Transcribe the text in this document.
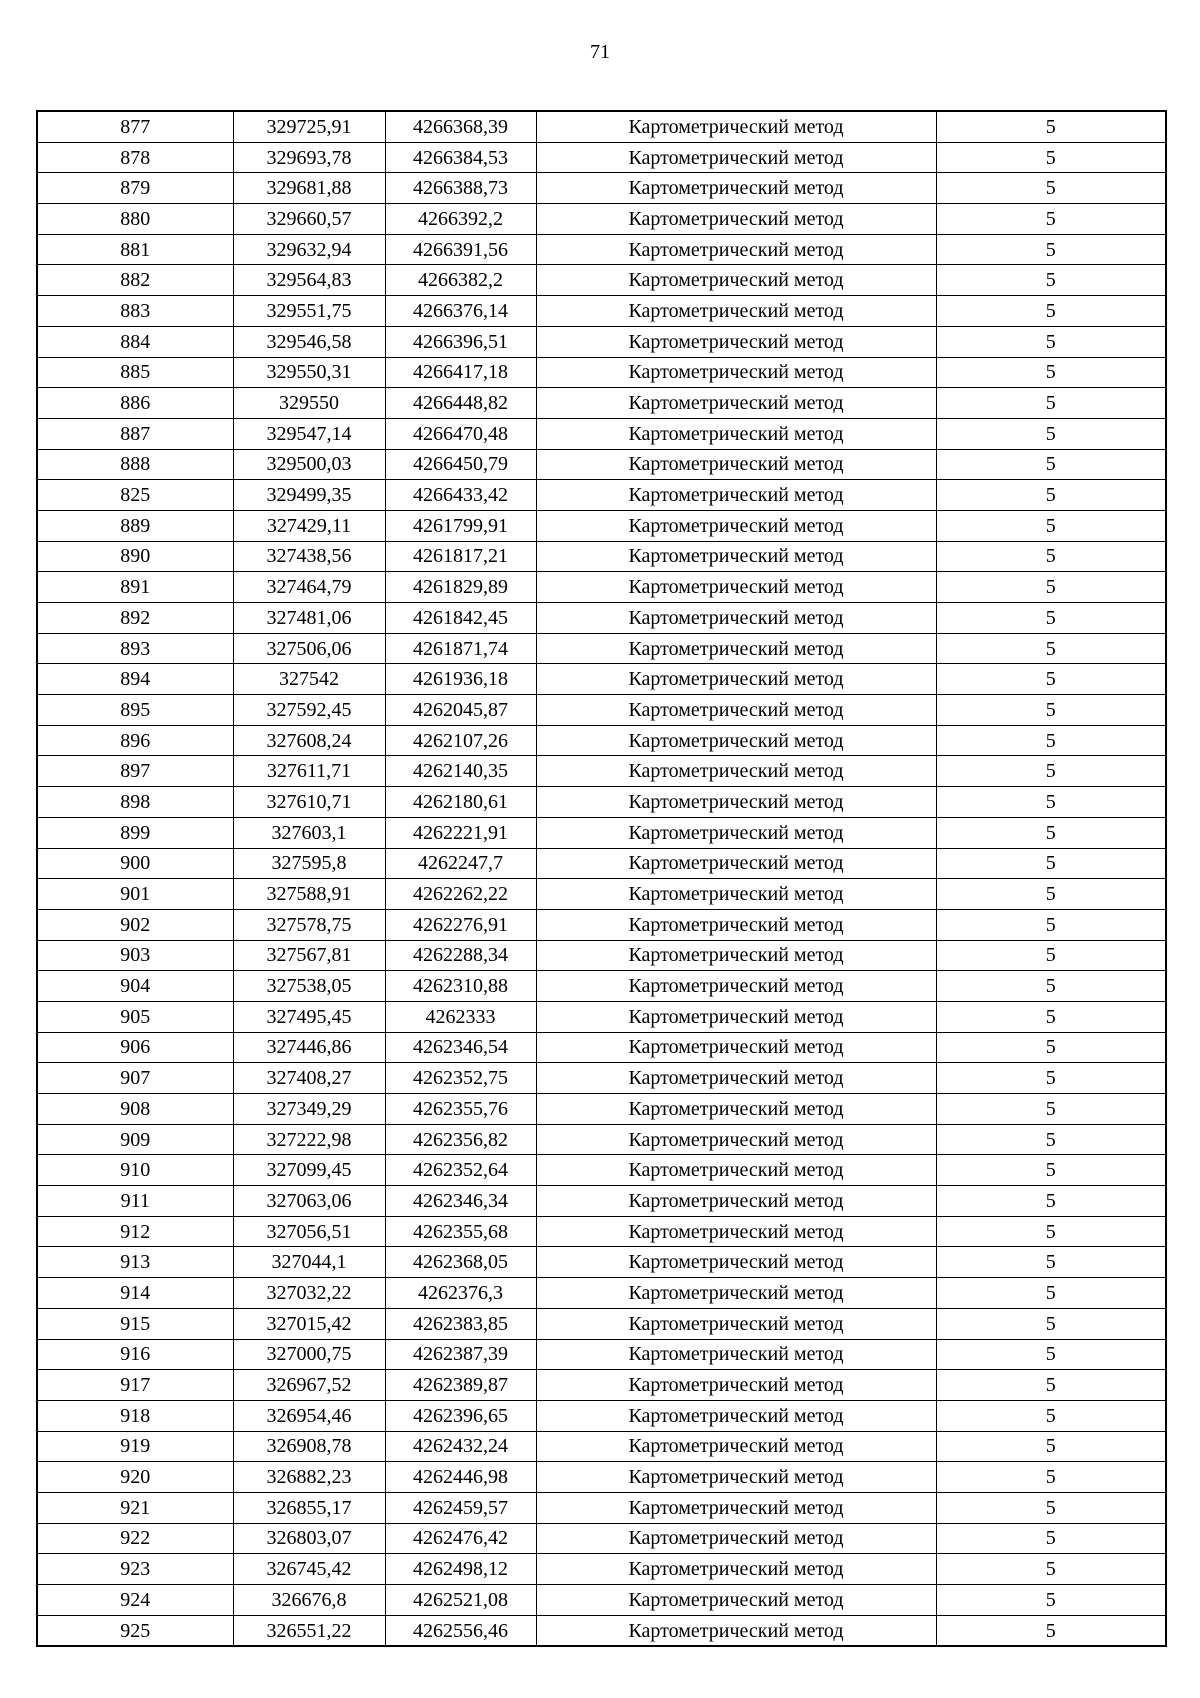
71
877	329725,91	4266368,39	Картометрический метод	5
878	329693,78	4266384,53	Картометрический метод	5
879	329681,88	4266388,73	Картометрический метод	5
880	329660,57	4266392,2	Картометрический метод	5
881	329632,94	4266391,56	Картометрический метод	5
882	329564,83	4266382,2	Картометрический метод	5
883	329551,75	4266376,14	Картометрический метод	5
884	329546,58	4266396,51	Картометрический метод	5
885	329550,31	4266417,18	Картометрический метод	5
886	329550	4266448,82	Картометрический метод	5
887	329547,14	4266470,48	Картометрический метод	5
888	329500,03	4266450,79	Картометрический метод	5
825	329499,35	4266433,42	Картометрический метод	5
889	327429,11	4261799,91	Картометрический метод	5
890	327438,56	4261817,21	Картометрический метод	5
891	327464,79	4261829,89	Картометрический метод	5
892	327481,06	4261842,45	Картометрический метод	5
893	327506,06	4261871,74	Картометрический метод	5
894	327542	4261936,18	Картометрический метод	5
895	327592,45	4262045,87	Картометрический метод	5
896	327608,24	4262107,26	Картометрический метод	5
897	327611,71	4262140,35	Картометрический метод	5
898	327610,71	4262180,61	Картометрический метод	5
899	327603,1	4262221,91	Картометрический метод	5
900	327595,8	4262247,7	Картометрический метод	5
901	327588,91	4262262,22	Картометрический метод	5
902	327578,75	4262276,91	Картометрический метод	5
903	327567,81	4262288,34	Картометрический метод	5
904	327538,05	4262310,88	Картометрический метод	5
905	327495,45	4262333	Картометрический метод	5
906	327446,86	4262346,54	Картометрический метод	5
907	327408,27	4262352,75	Картометрический метод	5
908	327349,29	4262355,76	Картометрический метод	5
909	327222,98	4262356,82	Картометрический метод	5
910	327099,45	4262352,64	Картометрический метод	5
911	327063,06	4262346,34	Картометрический метод	5
912	327056,51	4262355,68	Картометрический метод	5
913	327044,1	4262368,05	Картометрический метод	5
914	327032,22	4262376,3	Картометрический метод	5
915	327015,42	4262383,85	Картометрический метод	5
916	327000,75	4262387,39	Картометрический метод	5
917	326967,52	4262389,87	Картометрический метод	5
918	326954,46	4262396,65	Картометрический метод	5
919	326908,78	4262432,24	Картометрический метод	5
920	326882,23	4262446,98	Картометрический метод	5
921	326855,17	4262459,57	Картометрический метод	5
922	326803,07	4262476,42	Картометрический метод	5
923	326745,42	4262498,12	Картометрический метод	5
924	326676,8	4262521,08	Картометрический метод	5
925	326551,22	4262556,46	Картометрический метод	5
